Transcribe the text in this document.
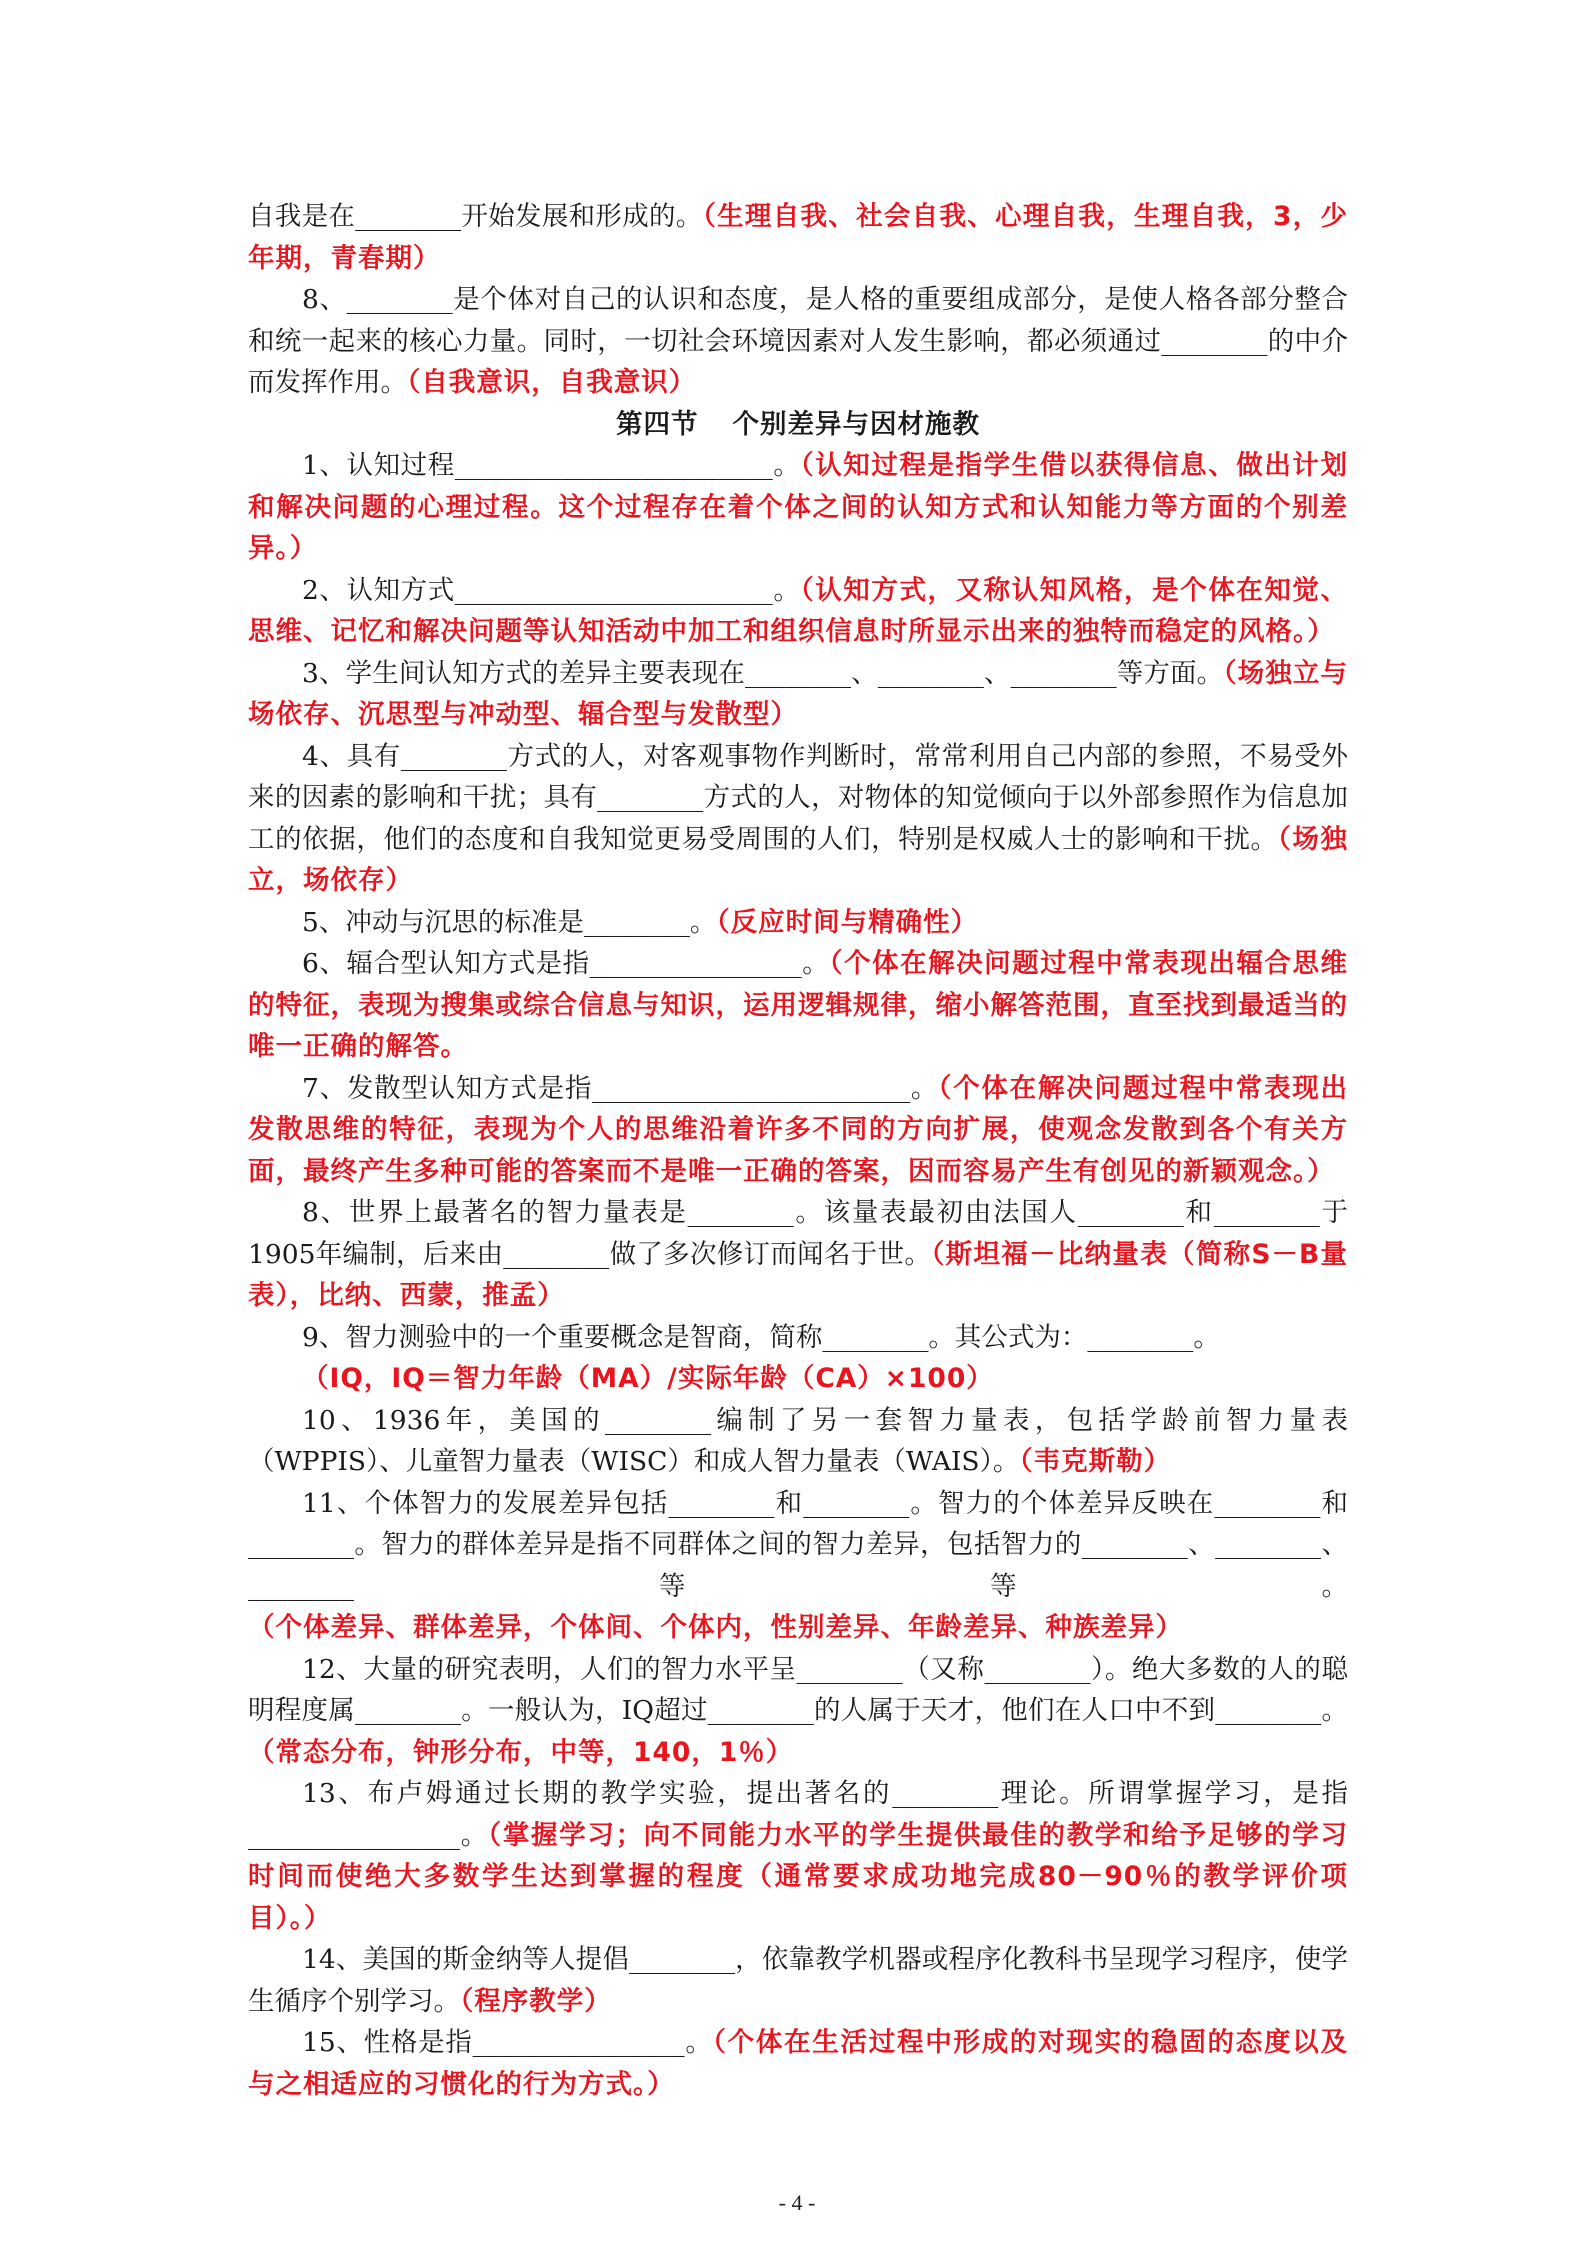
自我是在________开始发展和形成的。（生理自我、社会自我、心理自我，生理自我，3，少年期，青春期）

8、________是个体对自己的认识和态度，是人格的重要组成部分，是使人格各部分整合和统一起来的核心力量。同时，一切社会环境因素对人发生影响，都必须通过________的中介而发挥作用。（自我意识，自我意识）

第四节 个别差异与因材施教

1、认知过程________________________。（认知过程是指学生借以获得信息、做出计划和解决问题的心理过程。这个过程存在着个体之间的认知方式和认知能力等方面的个别差异。）

2、认知方式________________________。（认知方式，又称认知风格，是个体在知觉、思维、记忆和解决问题等认知活动中加工和组织信息时所显示出来的独特而稳定的风格。）

3、学生间认知方式的差异主要表现在________、________、________等方面。（场独立与场依存、沉思型与冲动型、辐合型与发散型）

4、具有________方式的人，对客观事物作判断时，常常利用自己内部的参照，不易受外来的因素的影响和干扰；具有________方式的人，对物体的知觉倾向于以外部参照作为信息加工的依据，他们的态度和自我知觉更易受周围的人们，特别是权威人士的影响和干扰。（场独立，场依存）

5、冲动与沉思的标准是________。（反应时间与精确性）

6、辐合型认知方式是指________________。（个体在解决问题过程中常表现出辐合思维的特征，表现为搜集或综合信息与知识，运用逻辑规律，缩小解答范围，直至找到最适当的唯一正确的解答。

7、发散型认知方式是指________________________。（个体在解决问题过程中常表现出发散思维的特征，表现为个人的思维沿着许多不同的方向扩展，使观念发散到各个有关方面，最终产生多种可能的答案而不是唯一正确的答案，因而容易产生有创见的新颖观念。）

8、世界上最著名的智力量表是________。该量表最初由法国人________和________于1905年编制，后来由________做了多次修订而闻名于世。（斯坦福－比纳量表（简称S－B量表），比纳、西蒙，推孟）

9、智力测验中的一个重要概念是智商，简称________。其公式为：________。

（IQ，IQ＝智力年龄（MA）/实际年龄（CA）×100）

10、1936年，美国的________编制了另一套智力量表，包括学龄前智力量表（WPPIS）、儿童智力量表（WISC）和成人智力量表（WAIS）。（韦克斯勒）

11、个体智力的发展差异包括________和________。智力的个体差异反映在________和________。智力的群体差异是指不同群体之间的智力差异，包括智力的________、________、________等等。（个体差异、群体差异，个体间、个体内，性别差异、年龄差异、种族差异）

12、大量的研究表明，人们的智力水平呈________（又称________）。绝大多数的人的聪明程度属________。一般认为，IQ超过________的人属于天才，他们在人口中不到________。（常态分布，钟形分布，中等，140，1％）

13、布卢姆通过长期的教学实验，提出著名的________理论。所谓掌握学习，是指________________。（掌握学习；向不同能力水平的学生提供最佳的教学和给予足够的学习时间而使绝大多数学生达到掌握的程度（通常要求成功地完成80－90％的教学评价项目）。）

14、美国的斯金纳等人提倡________，依靠教学机器或程序化教科书呈现学习程序，使学生循序个别学习。（程序教学）

15、性格是指________________。（个体在生活过程中形成的对现实的稳固的态度以及与之相适应的习惯化的行为方式。）

- 4 -
